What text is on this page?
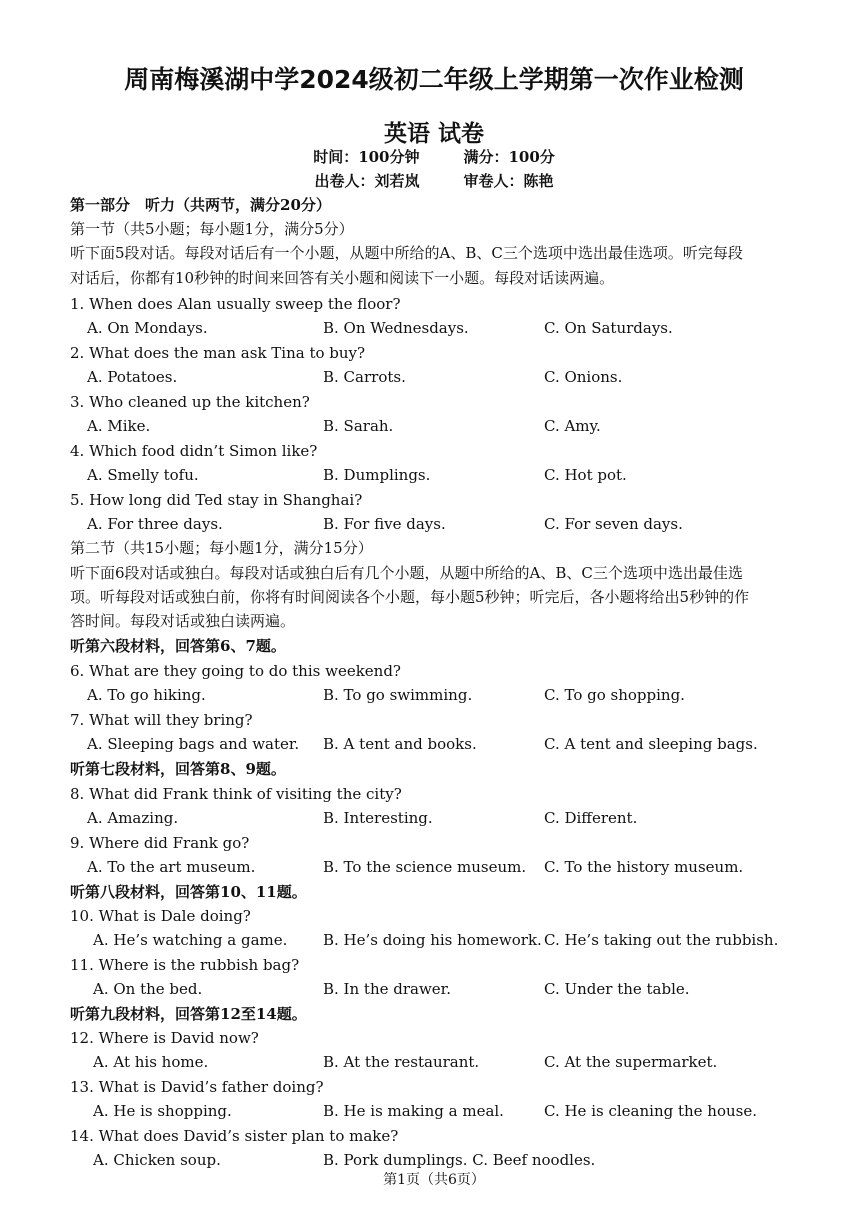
周南梅溪湖中学2024级初二年级上学期第一次作业检测
英语 试卷
时间：100分钟	满分：100分
出卷人：刘若岚	审卷人：陈艳
第一部分　听力（共两节，满分20分）
第一节（共5小题；每小题1分，满分5分）
听下面5段对话。每段对话后有一个小题，从题中所给的A、B、C三个选项中选出最佳选项。听完每段
对话后，你都有10秒钟的时间来回答有关小题和阅读下一小题。每段对话读两遍。
1. When does Alan usually sweep the floor?
A. On Mondays.	B. On Wednesdays.	C. On Saturdays.
2. What does the man ask Tina to buy?
A. Potatoes.	B. Carrots.	C. Onions.
3. Who cleaned up the kitchen?
A. Mike.	B. Sarah.	C. Amy.
4. Which food didn’t Simon like?
A. Smelly tofu.	B. Dumplings.	C. Hot pot.
5. How long did Ted stay in Shanghai?
A. For three days.	B. For five days.	C. For seven days.
6. What are they going to do this weekend?
A. To go hiking.	B. To go swimming.	C. To go shopping.
7. What will they bring?
A. Sleeping bags and water. B. A tent and books.	C. A tent and sleeping bags.
8. What did Frank think of visiting the city?
A. Amazing.	B. Interesting.	C. Different.
9. Where did Frank go?
A. To the art museum.	B. To the science museum. C. To the history museum.
10. What is Dale doing?
A. He’s watching a game. B. He’s doing his homework. C. He’s taking out the rubbish.
11. Where is the rubbish bag?
A. On the bed.	B. In the drawer.	C. Under the table.
12. Where is David now?
A. At his home.	B. At the restaurant.	C. At the supermarket.
13. What is David’s father doing?
A. He is shopping.	B. He is making a meal.	C. He is cleaning the house.
14. What does David’s sister plan to make?
A. Chicken soup.	B. Pork dumplings. C. Beef noodles.
第二节（共15小题；每小题1分，满分15分）
听下面6段对话或独白。每段对话或独白后有几个小题，从题中所给的A、B、C三个选项中选出最佳选
项。听每段对话或独白前，你将有时间阅读各个小题，每小题5秒钟；听完后，各小题将给出5秒钟的作
答时间。每段对话或独白读两遍。
听第六段材料，回答第6、7题。
听第七段材料，回答第8、9题。
听第八段材料，回答第10、11题。
听第九段材料，回答第12至14题。
第1页（共6页）
